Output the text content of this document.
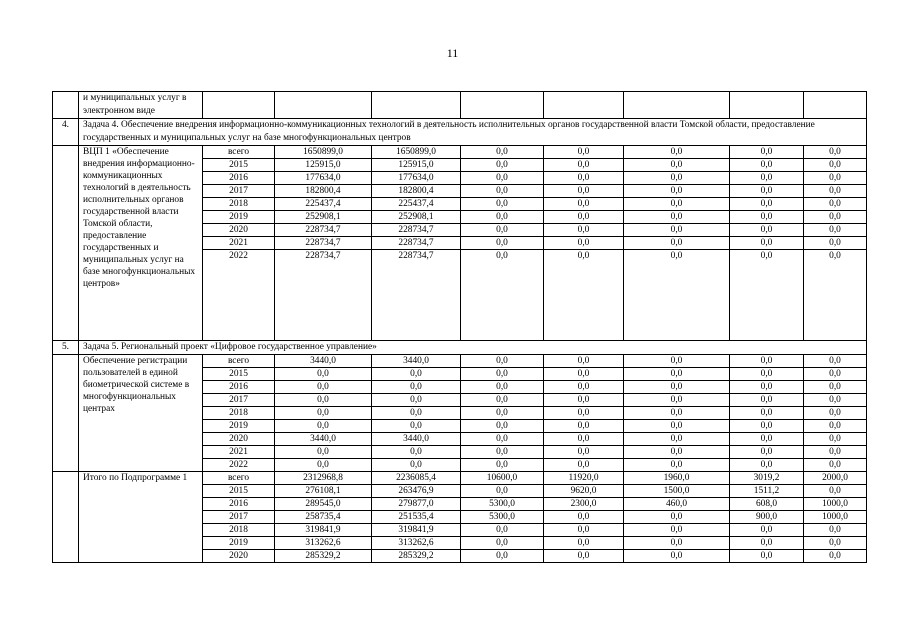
11
	и муниципальных услуг в электронном виде								
4.	Задача 4. Обеспечение внедрения информационно-коммуникационных технологий в деятельность исполнительных органов государственной власти Томской области, предоставление государственных и муниципальных услуг на базе многофункциональных центров								
	ВЦП 1 «Обеспечение внедрения информационно-коммуникационных технологий в деятельность исполнительных органов государственной власти Томской области, предоставление государственных и муниципальных услуг на базе многофункциональных центров»	всего	1650899,0	1650899,0	0,0	0,0	0,0	0,0	0,0
		2015	125915,0	125915,0	0,0	0,0	0,0	0,0	0,0
		2016	177634,0	177634,0	0,0	0,0	0,0	0,0	0,0
		2017	182800,4	182800,4	0,0	0,0	0,0	0,0	0,0
		2018	225437,4	225437,4	0,0	0,0	0,0	0,0	0,0
		2019	252908,1	252908,1	0,0	0,0	0,0	0,0	0,0
		2020	228734,7	228734,7	0,0	0,0	0,0	0,0	0,0
		2021	228734,7	228734,7	0,0	0,0	0,0	0,0	0,0
		2022	228734,7	228734,7	0,0	0,0	0,0	0,0	0,0
5.	Задача 5. Региональный проект «Цифровое государственное управление»								
	Обеспечение регистрации пользователей в единой биометрической системе в многофункциональных центрах	всего	3440,0	3440,0	0,0	0,0	0,0	0,0	0,0
		2015	0,0	0,0	0,0	0,0	0,0	0,0	0,0
		2016	0,0	0,0	0,0	0,0	0,0	0,0	0,0
		2017	0,0	0,0	0,0	0,0	0,0	0,0	0,0
		2018	0,0	0,0	0,0	0,0	0,0	0,0	0,0
		2019	0,0	0,0	0,0	0,0	0,0	0,0	0,0
		2020	3440,0	3440,0	0,0	0,0	0,0	0,0	0,0
		2021	0,0	0,0	0,0	0,0	0,0	0,0	0,0
		2022	0,0	0,0	0,0	0,0	0,0	0,0	0,0
	Итого по Подпрограмме 1	всего	2312968,8	2236085,4	10600,0	11920,0	1960,0	3019,2	2000,0
		2015	276108,1	263476,9	0,0	9620,0	1500,0	1511,2	0,0
		2016	289545,0	279877,0	5300,0	2300,0	460,0	608,0	1000,0
		2017	258735,4	251535,4	5300,0	0,0	0,0	900,0	1000,0
		2018	319841,9	319841,9	0,0	0,0	0,0	0,0	0,0
		2019	313262,6	313262,6	0,0	0,0	0,0	0,0	0,0
		2020	285329,2	285329,2	0,0	0,0	0,0	0,0	0,0
